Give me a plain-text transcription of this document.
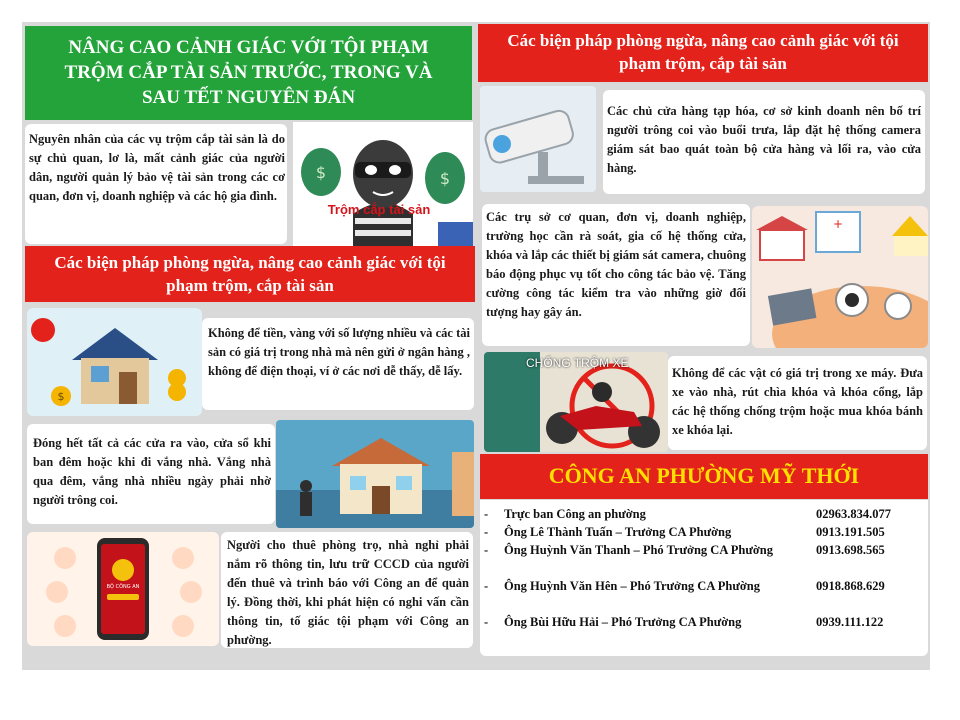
NÂNG CAO CẢNH GIÁC VỚI TỘI PHẠM TRỘM CẮP TÀI SẢN TRƯỚC, TRONG VÀ SAU TẾT NGUYÊN ĐÁN
Nguyên nhân của các vụ trộm cắp tài sản là do sự chủ quan, lơ là, mất cảnh giác của người dân, người quản lý bảo vệ tài sản trong các cơ quan, đơn vị, doanh nghiệp và các hộ gia đình.
$	$
Trộm cắp tài sản
Các biện pháp phòng ngừa, nâng cao cảnh giác với tội phạm trộm, cắp tài sản
$
Không để tiền, vàng với số lượng nhiều và các tài sản có giá trị trong nhà mà nên gửi ở ngân hàng , không để điện thoại, ví ở các nơi dễ thấy, dễ lấy.
Đóng hết tất cả các cửa ra vào, cửa sổ khi ban đêm hoặc khi đi vắng nhà. Vắng nhà qua đêm, vắng nhà nhiều ngày phải nhờ người trông coi.
BỘ CÔNG AN
Người cho thuê phòng trọ, nhà nghỉ phải nắm rõ thông tin, lưu trữ CCCD của người đến thuê và trình báo với Công an để quản lý. Đồng thời, khi phát hiện có nghi vấn cần thông tin, tố giác tội phạm với Công an phường.
Các biện pháp phòng ngừa, nâng cao cảnh giác với tội phạm trộm, cắp tài sản
Các chủ cửa hàng tạp hóa, cơ sở kinh doanh nên bố trí người trông coi vào buổi trưa, lắp đặt hệ thống camera giám sát bao quát toàn bộ cửa hàng và lối ra, vào cửa hàng.
Các trụ sở cơ quan, đơn vị, doanh nghiệp, trường học cần rà soát, gia cố hệ thống cửa, khóa và lắp các thiết bị giám sát camera, chuông báo động phục vụ tốt cho công tác bảo vệ. Tăng cường công tác kiểm tra vào những giờ đối tượng hay gây án.
+
CHỐNG TRỘM XE
Không để các vật có giá trị trong xe máy. Đưa xe vào nhà, rút chìa khóa và khóa cổng, lắp các hệ thống chống trộm hoặc mua khóa bánh xe khóa lại.
CÔNG AN PHƯỜNG MỸ THỚI
- Trực ban Công an phường	02963.834.077
- Ông Lê Thành Tuấn – Trưởng CA Phường	0913.191.505
- Ông Huỳnh Văn Thanh – Phó Trưởng CA Phường	0913.698.565
- Ông Huỳnh Văn Hên – Phó Trưởng CA Phường	0918.868.629
- Ông Bùi Hữu Hải – Phó Trưởng CA Phường	0939.111.122
